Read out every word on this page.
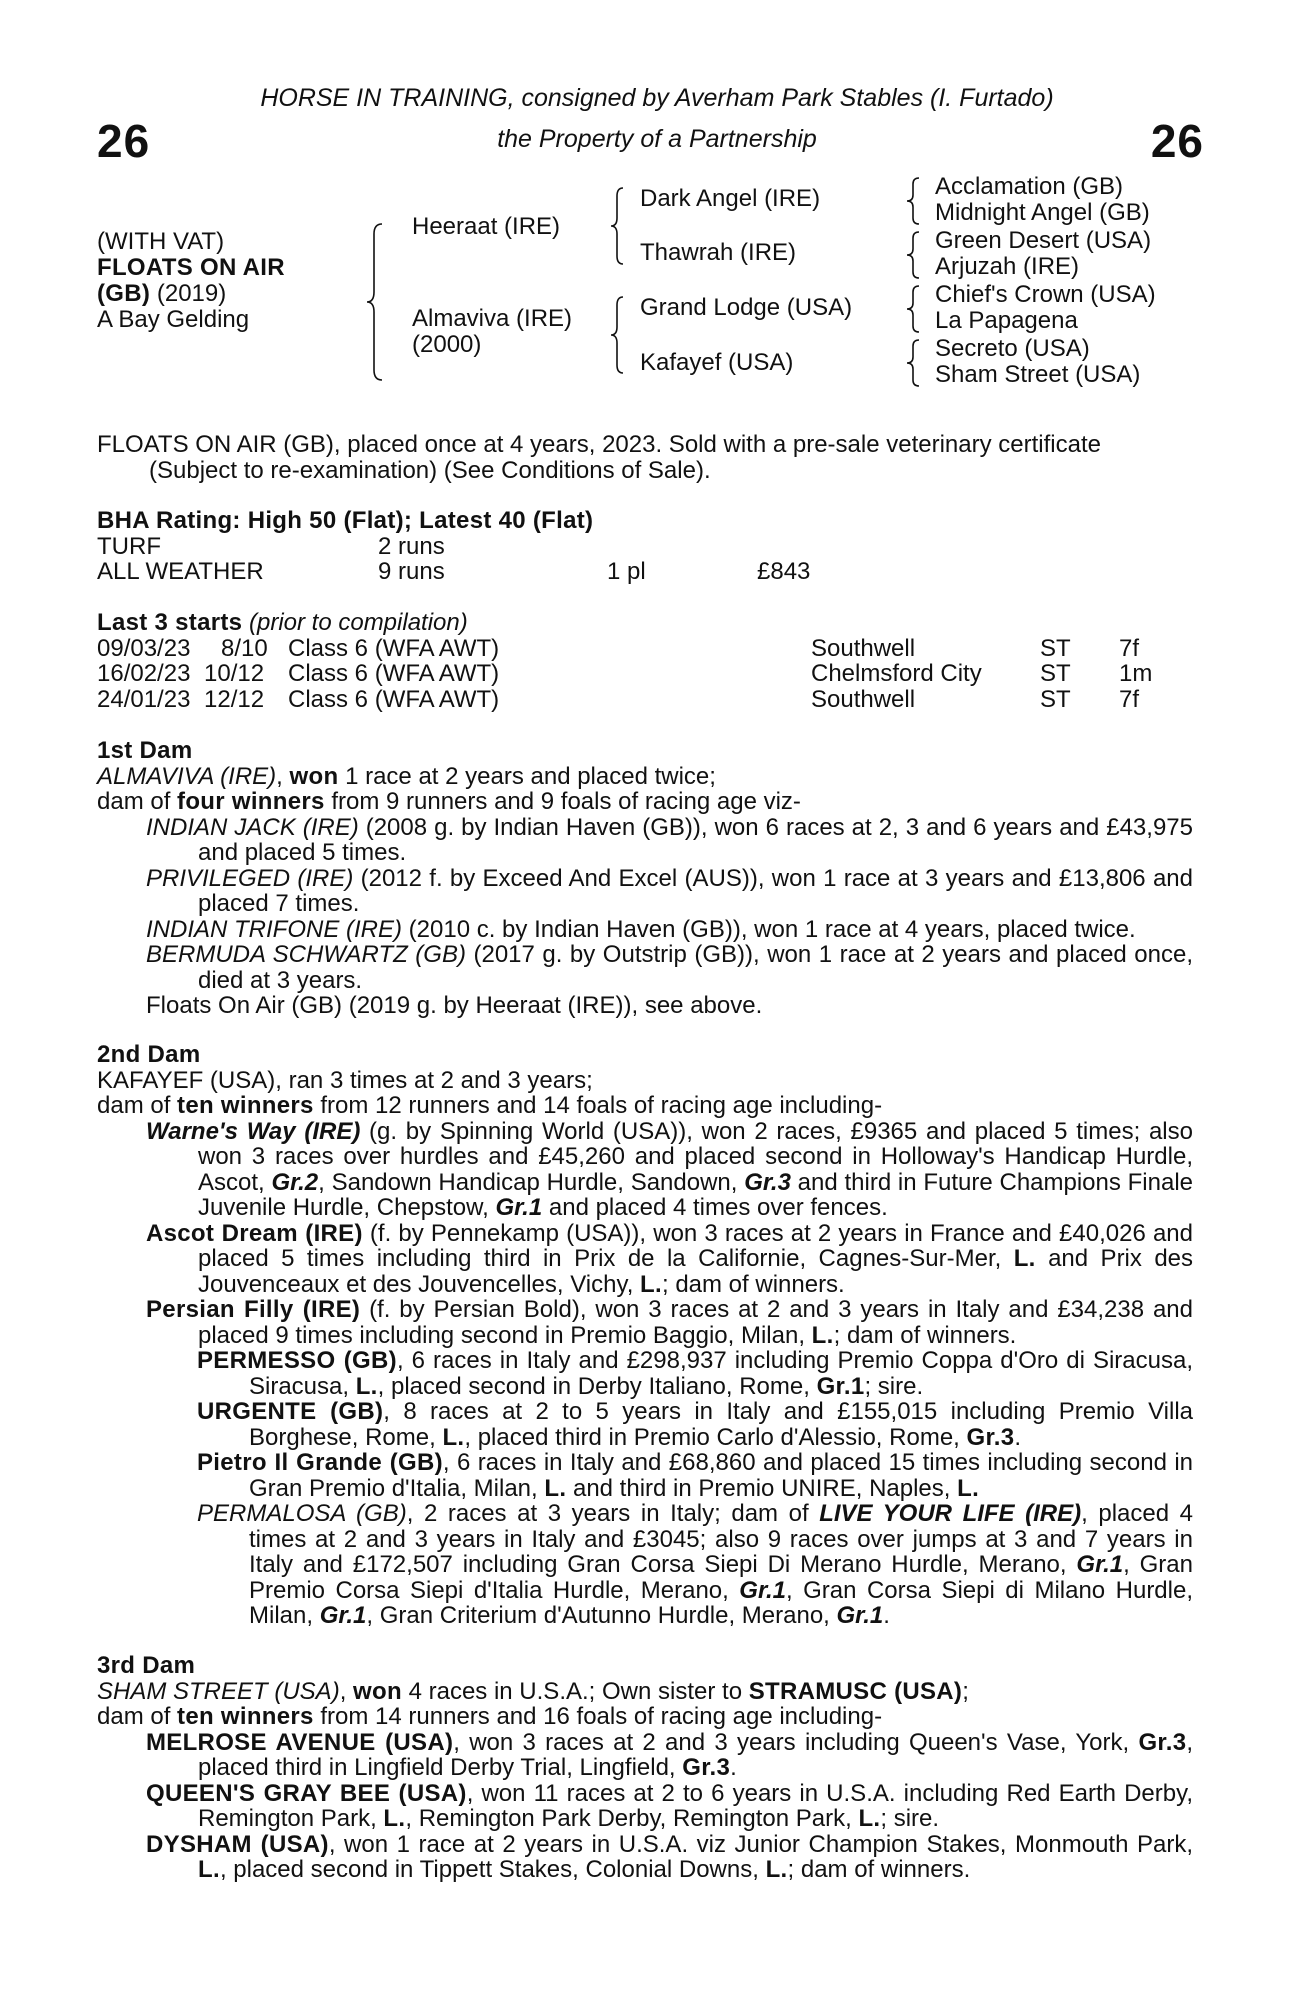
26	26
HORSE IN TRAINING, consigned by Averham Park Stables (I. Furtado)
the Property of a Partnership
(WITH VAT)
FLOATS ON AIR
(GB) (2019)
A Bay Gelding
Heeraat (IRE)
Almaviva (IRE)
(2000)
Dark Angel (IRE)
Thawrah (IRE)
Grand Lodge (USA)
Kafayef (USA)
Acclamation (GB)
Midnight Angel (GB)
Green Desert (USA)
Arjuzah (IRE)
Chief's Crown (USA)
La Papagena
Secreto (USA)
Sham Street (USA)

FLOATS ON AIR (GB), placed once at 4 years, 2023. Sold with a pre-sale veterinary certificate

(Subject to re-examination) (See Conditions of Sale).

BHA Rating: High 50 (Flat); Latest 40 (Flat)
TURF	2 runs
ALL WEATHER	9 runs	1 pl	£843
Last 3 starts (prior to compilation)
09/03/23 8/10 Class 6 (WFA AWT)	Southwell	ST 7f
16/02/23 10/12 Class 6 (WFA AWT)	Chelmsford City ST 1m
24/01/23 12/12 Class 6 (WFA AWT)	Southwell	ST 7f
1st Dam

ALMAVIVA (IRE), won 1 race at 2 years and placed twice;

dam of four winners from 9 runners and 9 foals of racing age viz-

INDIAN JACK (IRE) (2008 g. by Indian Haven (GB)), won 6 races at 2, 3 and 6 years and £43,975 and placed 5 times.

PRIVILEGED (IRE) (2012 f. by Exceed And Excel (AUS)), won 1 race at 3 years and £13,806 and placed 7 times.

INDIAN TRIFONE (IRE) (2010 c. by Indian Haven (GB)), won 1 race at 4 years, placed twice.

BERMUDA SCHWARTZ (GB) (2017 g. by Outstrip (GB)), won 1 race at 2 years and placed once, died at 3 years.

Floats On Air (GB) (2019 g. by Heeraat (IRE)), see above.

2nd Dam

KAFAYEF (USA), ran 3 times at 2 and 3 years;

dam of ten winners from 12 runners and 14 foals of racing age including-

Warne's Way (IRE) (g. by Spinning World (USA)), won 2 races, £9365 and placed 5 times; also won 3 races over hurdles and £45,260 and placed second in Holloway's Handicap Hurdle, Ascot, Gr.2, Sandown Handicap Hurdle, Sandown, Gr.3 and third in Future Champions Finale Juvenile Hurdle, Chepstow, Gr.1 and placed 4 times over fences.

Ascot Dream (IRE) (f. by Pennekamp (USA)), won 3 races at 2 years in France and £40,026 and placed 5 times including third in Prix de la Californie, Cagnes-Sur-Mer, L. and Prix des Jouvenceaux et des Jouvencelles, Vichy, L.; dam of winners.

Persian Filly (IRE) (f. by Persian Bold), won 3 races at 2 and 3 years in Italy and £34,238 and placed 9 times including second in Premio Baggio, Milan, L.; dam of winners.

PERMESSO (GB), 6 races in Italy and £298,937 including Premio Coppa d'Oro di Siracusa, Siracusa, L., placed second in Derby Italiano, Rome, Gr.1; sire.

URGENTE (GB), 8 races at 2 to 5 years in Italy and £155,015 including Premio Villa Borghese, Rome, L., placed third in Premio Carlo d'Alessio, Rome, Gr.3.

Pietro Il Grande (GB), 6 races in Italy and £68,860 and placed 15 times including second in Gran Premio d'Italia, Milan, L. and third in Premio UNIRE, Naples, L.

PERMALOSA (GB), 2 races at 3 years in Italy; dam of LIVE YOUR LIFE (IRE), placed 4 times at 2 and 3 years in Italy and £3045; also 9 races over jumps at 3 and 7 years in Italy and £172,507 including Gran Corsa Siepi Di Merano Hurdle, Merano, Gr.1, Gran Premio Corsa Siepi d'Italia Hurdle, Merano, Gr.1, Gran Corsa Siepi di Milano Hurdle, Milan, Gr.1, Gran Criterium d'Autunno Hurdle, Merano, Gr.1.

3rd Dam

SHAM STREET (USA), won 4 races in U.S.A.; Own sister to STRAMUSC (USA);

dam of ten winners from 14 runners and 16 foals of racing age including-

MELROSE AVENUE (USA), won 3 races at 2 and 3 years including Queen's Vase, York, Gr.3, placed third in Lingfield Derby Trial, Lingfield, Gr.3.

QUEEN'S GRAY BEE (USA), won 11 races at 2 to 6 years in U.S.A. including Red Earth Derby, Remington Park, L., Remington Park Derby, Remington Park, L.; sire.

DYSHAM (USA), won 1 race at 2 years in U.S.A. viz Junior Champion Stakes, Monmouth Park, L., placed second in Tippett Stakes, Colonial Downs, L.; dam of winners.
